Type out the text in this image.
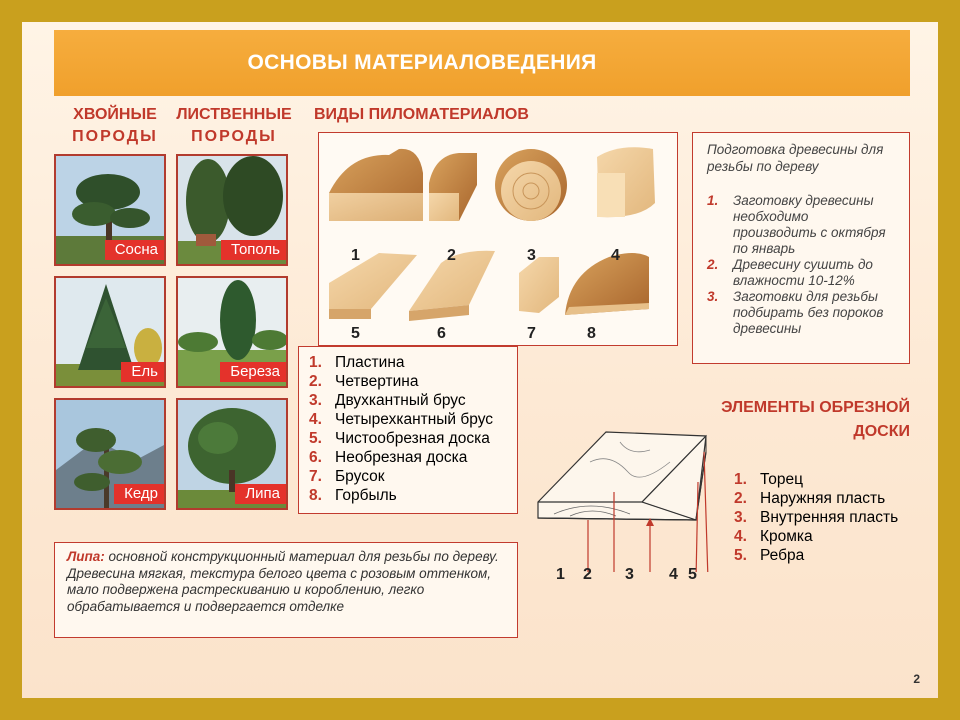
ОСНОВЫ МАТЕРИАЛОВЕДЕНИЯ
ХВОЙНЫЕ
ПОРОДЫ
ЛИСТВЕННЫЕ
ПОРОДЫ
ВИДЫ ПИЛОМАТЕРИАЛОВ
Сосна	Тополь
Ель	Береза
Кедр	Липа
1	2	3	4
5	6	7	8
1. Пластина
2. Четвертина
3. Двухкантный брус
4. Четырехкантный брус
5. Чистообрезная доска
6. Необрезная доска
7. Брусок
8. Горбыль
Подготовка древесины для резьбы по дереву
1.	Заготовку древесины необходимо производить с октября по январь
2.	Древесину сушить до влажности 10-12%
3.	Заготовки для резьбы подбирать без пороков древесины
ЭЛЕМЕНТЫ ОБРЕЗНОЙ ДОСКИ
1 2 3 4 5
1. Торец
2. Наружняя пласть
3. Внутренняя пласть
4. Кромка
5. Ребра
Липа: основной конструкционный материал для резьбы по дереву. Древесина мягкая, текстура белого цвета с розовым оттенком, мало подвержена растрескиванию и короблению, легко обрабатывается и подвергается отделке
2
